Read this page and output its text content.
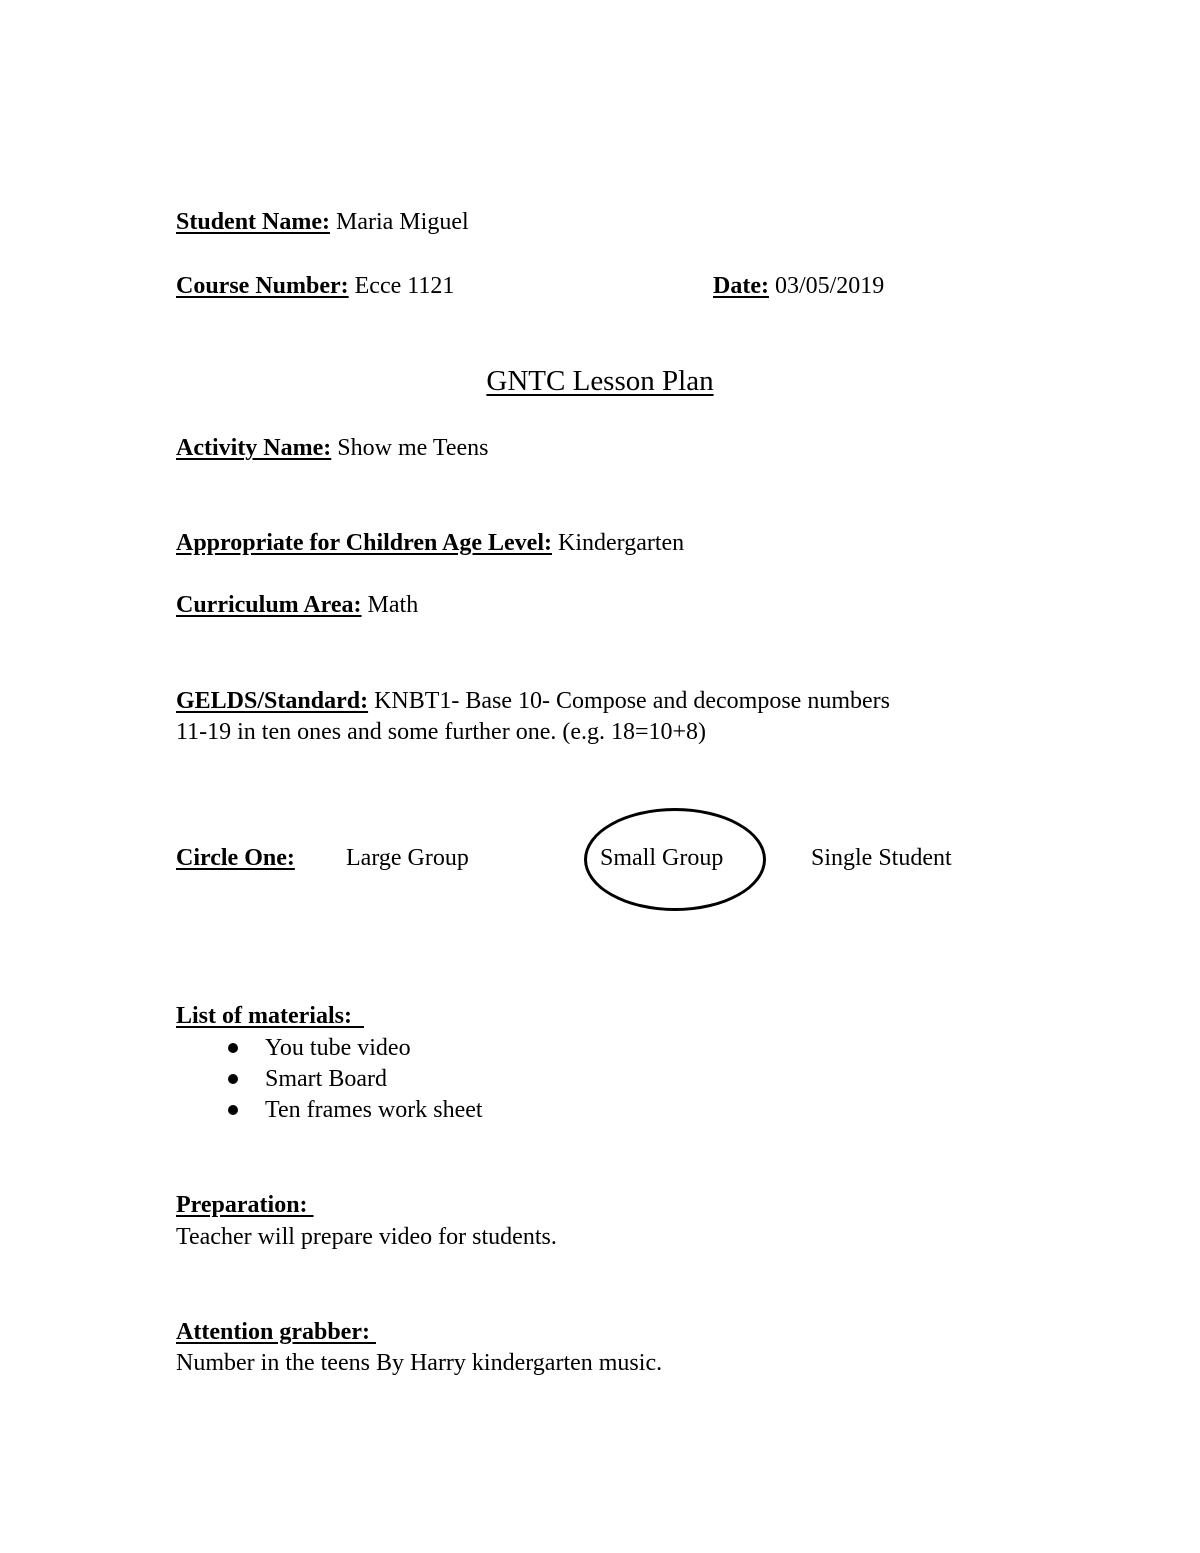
Student Name: Maria Miguel
Course Number: Ecce 1121	Date: 03/05/2019
GNTC Lesson Plan
Activity Name: Show me Teens
Appropriate for Children Age Level: Kindergarten
Curriculum Area: Math
GELDS/Standard: KNBT1- Base 10- Compose and decompose numbers
11-19 in ten ones and some further one. (e.g. 18=10+8)
Circle One: Large Group	Small Group	Single Student
List of materials:
You tube video
Smart Board
Ten frames work sheet
Preparation:
Teacher will prepare video for students.
Attention grabber:
Number in the teens By Harry kindergarten music.
